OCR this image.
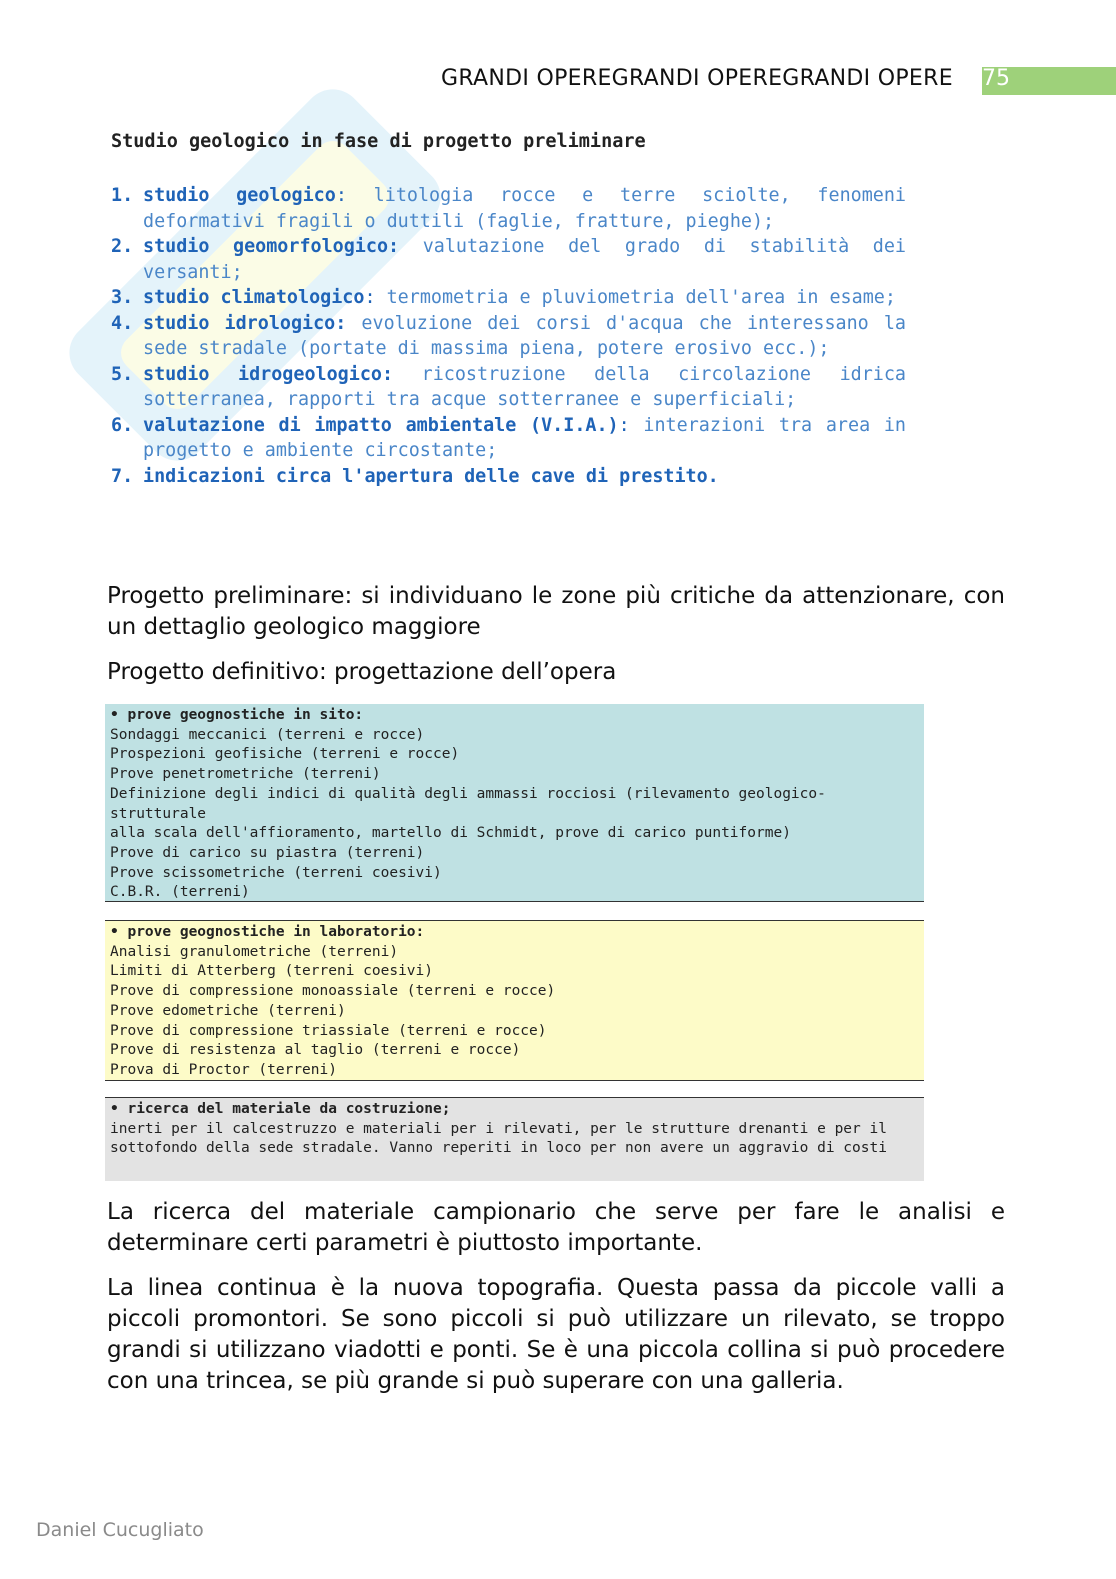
GRANDI OPEREGRANDI OPEREGRANDI OPERE	75
Studio geologico in fase di progetto preliminare
1. studio geologico: litologia rocce e terre sciolte, fenomeni deformativi fragili o duttili (faglie, fratture, pieghe);
2. studio geomorfologico: valutazione del grado di stabilità dei versanti;
3. studio climatologico: termometria e pluviometria dell'area in esame;
4. studio idrologico: evoluzione dei corsi d'acqua che interessano la sede stradale (portate di massima piena, potere erosivo ecc.);
5. studio idrogeologico: ricostruzione della circolazione idrica sotterranea, rapporti tra acque sotterranee e superficiali;
6. valutazione di impatto ambientale (V.I.A.): interazioni tra area in progetto e ambiente circostante;
7. indicazioni circa l'apertura delle cave di prestito.

Progetto preliminare: si individuano le zone più critiche da attenzionare, con un dettaglio geologico maggiore

Progetto definitivo: progettazione dell’opera

• prove geognostiche in sito:
Sondaggi meccanici (terreni e rocce)
Prospezioni geofisiche (terreni e rocce)
Prove penetrometriche (terreni)
Definizione degli indici di qualità degli ammassi rocciosi (rilevamento geologico-strutturale
alla scala dell'affioramento, martello di Schmidt, prove di carico puntiforme)
Prove di carico su piastra (terreni)
Prove scissometriche (terreni coesivi)
C.B.R. (terreni)
• prove geognostiche in laboratorio:
Analisi granulometriche (terreni)
Limiti di Atterberg (terreni coesivi)
Prove di compressione monoassiale (terreni e rocce)
Prove edometriche (terreni)
Prove di compressione triassiale (terreni e rocce)
Prove di resistenza al taglio (terreni e rocce)
Prova di Proctor (terreni)
• ricerca del materiale da costruzione;
inerti per il calcestruzzo e materiali per i rilevati, per le strutture drenanti e per il sottofondo della sede stradale. Vanno reperiti in loco per non avere un aggravio di costi

La ricerca del materiale campionario che serve per fare le analisi e determinare certi parametri è piuttosto importante.

La linea continua è la nuova topografia. Questa passa da piccole valli a piccoli promontori. Se sono piccoli si può utilizzare un rilevato, se troppo grandi si utilizzano viadotti e ponti. Se è una piccola collina si può procedere con una trincea, se più grande si può superare con una galleria.

Daniel Cucugliato
